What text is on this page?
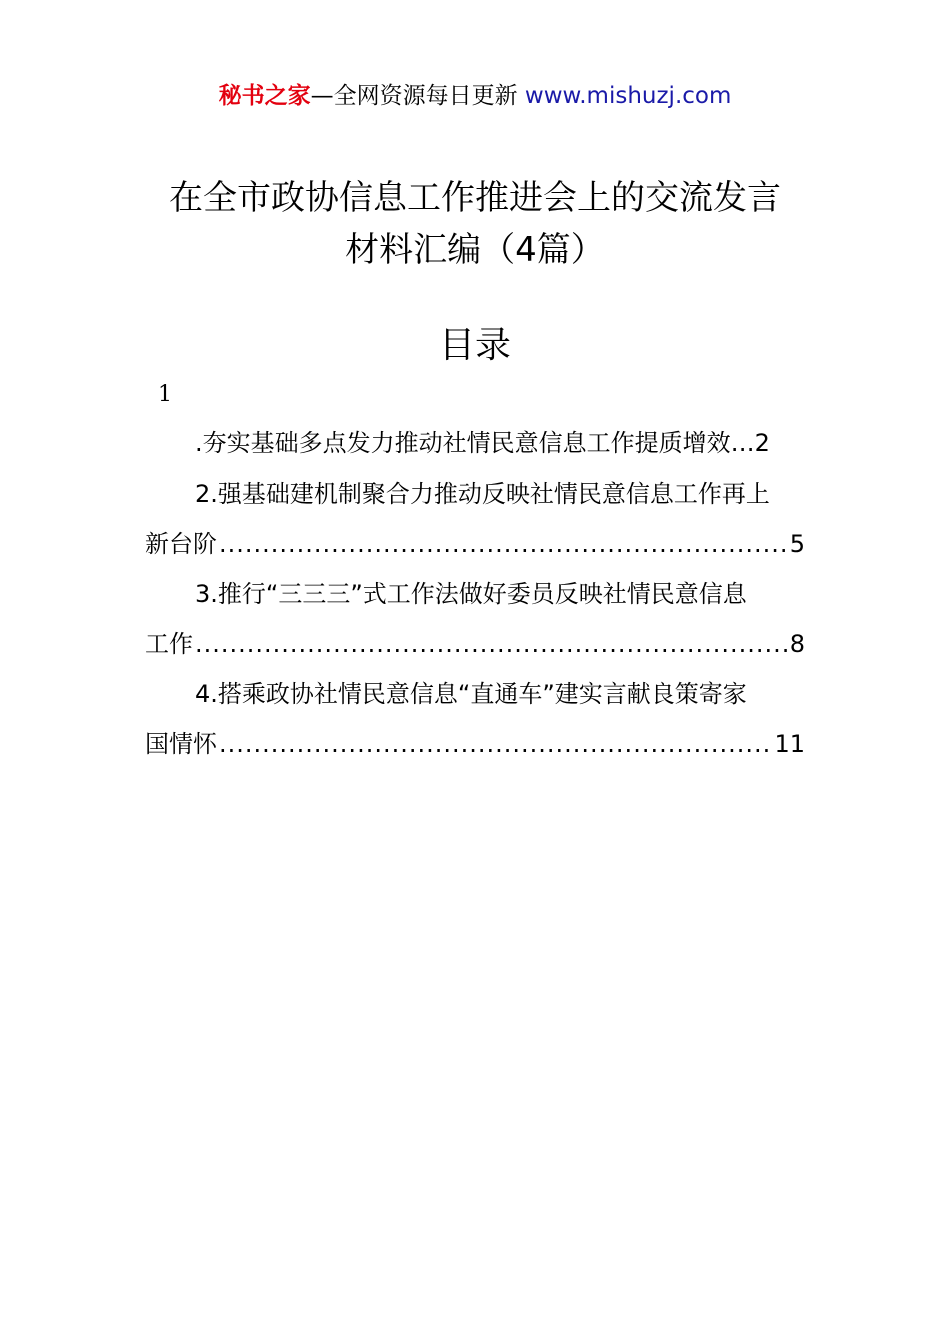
秘书之家—全网资源每日更新 www.mishuzj.com
在全市政协信息工作推进会上的交流发言
材料汇编（4篇）
目录
1
.夯实基础多点发力推动社情民意信息工作提质增效…2
2.强基础建机制聚合力推动反映社情民意信息工作再上
新台阶 .....	5
3.推行“三三三”式工作法做好委员反映社情民意信息
工作 .....	8
4.搭乘政协社情民意信息“直通车”建实言献良策寄家
国情怀 .....	11
